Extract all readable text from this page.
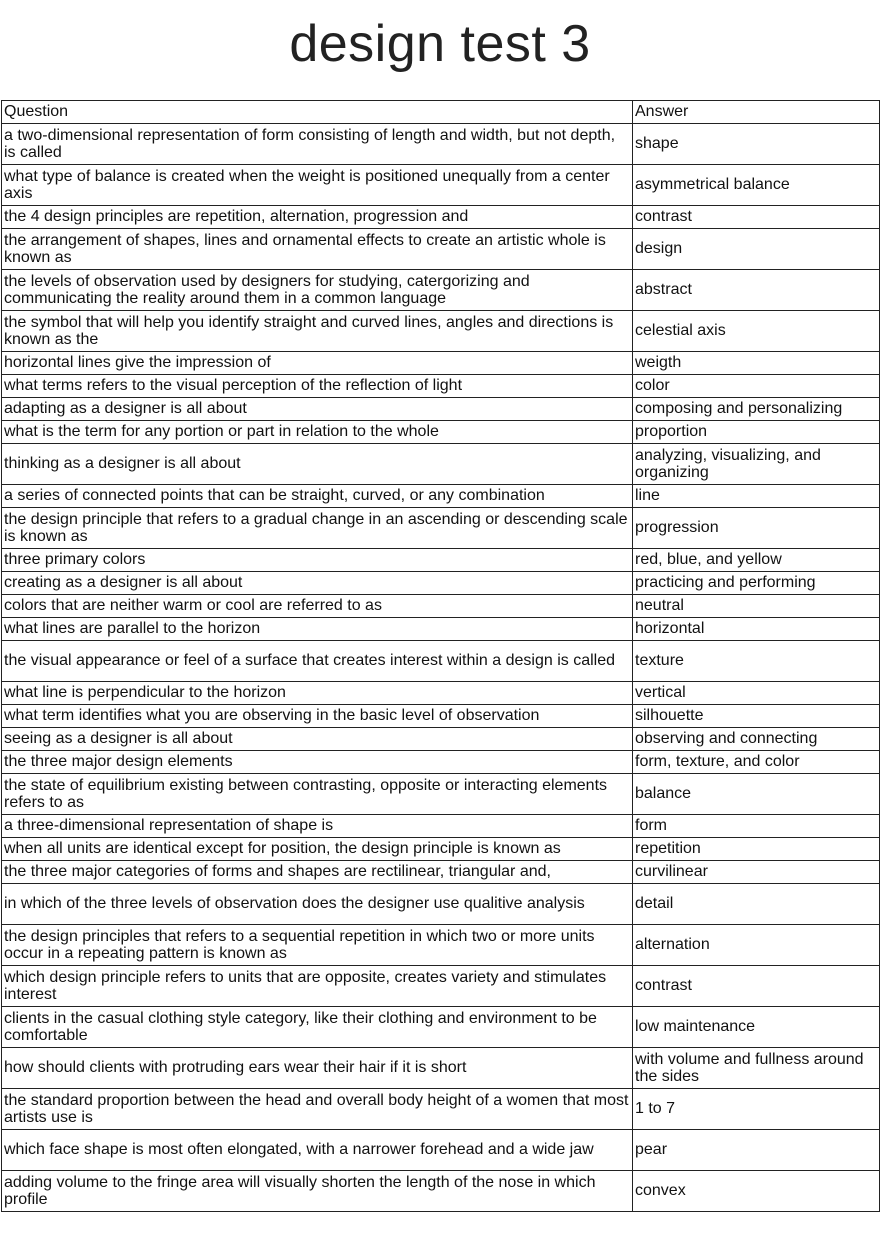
design test 3
Question	Answer
a two-dimensional representation of form consisting of length and width, but not depth, is called	shape
what type of balance is created when the weight is positioned unequally from a center axis	asymmetrical balance
the 4 design principles are repetition, alternation, progression and	contrast
the arrangement of shapes, lines and ornamental effects to create an artistic whole is known as	design
the levels of observation used by designers for studying, catergorizing and communicating the reality around them in a common language	abstract
the symbol that will help you identify straight and curved lines, angles and directions is known as the	celestial axis
horizontal lines give the impression of	weigth
what terms refers to the visual perception of the reflection of light	color
adapting as a designer is all about	composing and personalizing
what is the term for any portion or part in relation to the whole	proportion
thinking as a designer is all about	analyzing, visualizing, and organizing
a series of connected points that can be straight, curved, or any combination	line
the design principle that refers to a gradual change in an ascending or descending scale is known as	progression
three primary colors	red, blue, and yellow
creating as a designer is all about	practicing and performing
colors that are neither warm or cool are referred to as	neutral
what lines are parallel to the horizon	horizontal
the visual appearance or feel of a surface that creates interest within a design is called	texture
what line is perpendicular to the horizon	vertical
what term identifies what you are observing in the basic level of observation	silhouette
seeing as a designer is all about	observing and connecting
the three major design elements	form, texture, and color
the state of equilibrium existing between contrasting, opposite or interacting elements refers to as	balance
a three-dimensional representation of shape is	form
when all units are identical except for position, the design principle is known as	repetition
the three major categories of forms and shapes are rectilinear, triangular and,	curvilinear
in which of the three levels of observation does the designer use qualitive analysis	detail
the design principles that refers to a sequential repetition in which two or more units occur in a repeating pattern is known as	alternation
which design principle refers to units that are opposite, creates variety and stimulates interest	contrast
clients in the casual clothing style category, like their clothing and environment to be comfortable	low maintenance
how should clients with protruding ears wear their hair if it is short	with volume and fullness around the sides
the standard proportion between the head and overall body height of a women that most artists use is	1 to 7
which face shape is most often elongated, with a narrower forehead and a wide jaw	pear
adding volume to the fringe area will visually shorten the length of the nose in which profile	convex
